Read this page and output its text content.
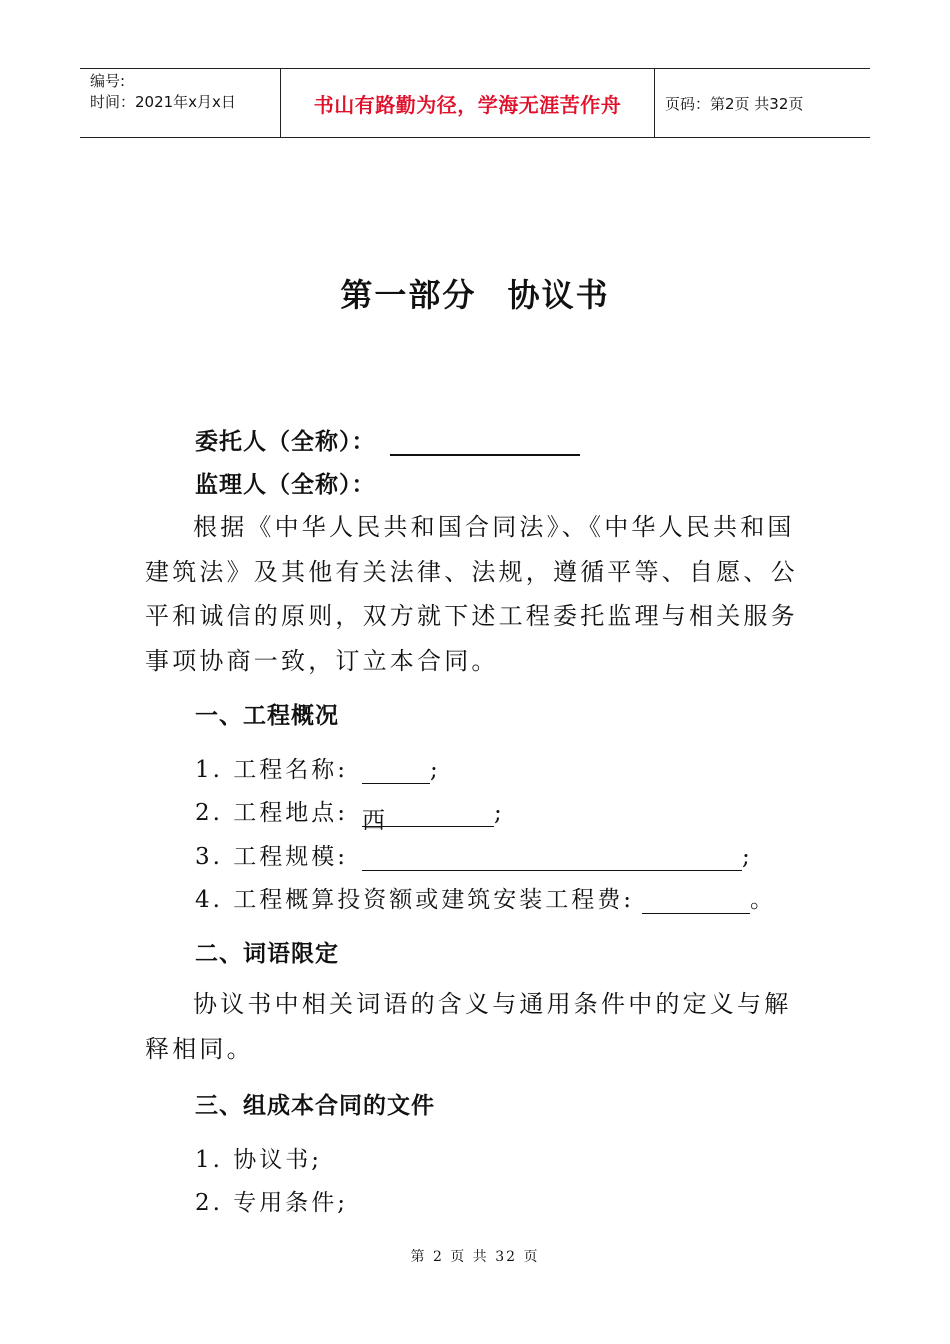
编号:
时间：2021年x月x日	书山有路勤为径，学海无涯苦作舟	页码：第2页 共32页
第一部分 协议书
委托人（全称）：
监理人（全称）：
根据《中华人民共和国合同法》、《中华人民共和国建筑法》及其他有关法律、法规，遵循平等、自愿、公平和诚信的原则，双方就下述工程委托监理与相关服务事项协商一致，订立本合同。
一、工程概况
1. 工程名称:	;
2. 工程地点: 西	;
3. 工程规模:	;
4. 工程概算投资额或建筑安装工程费:	。
二、词语限定
协议书中相关词语的含义与通用条件中的定义与解释相同。
三、组成本合同的文件
1. 协议书;
2. 专用条件;
第 2 页 共 32 页
